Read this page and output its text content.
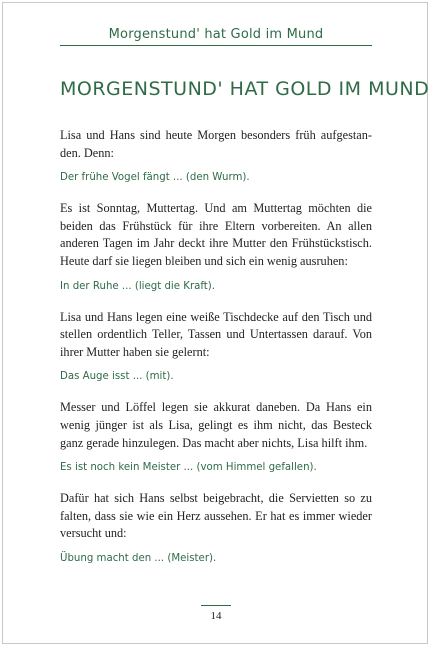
Morgenstund' hat Gold im Mund
MORGENSTUND' HAT GOLD IM MUND

Lisa und Hans sind heute Morgen besonders früh aufgestanden. Denn:

Der frühe Vogel fängt ... (den Wurm).

Es ist Sonntag, Muttertag. Und am Muttertag möchten die beiden das Frühstück für ihre Eltern vorbereiten. An allen anderen Tagen im Jahr deckt ihre Mutter den Frühstückstisch. Heute darf sie liegen bleiben und sich ein wenig ausruhen:

In der Ruhe ... (liegt die Kraft).

Lisa und Hans legen eine weiße Tischdecke auf den Tisch und stellen ordentlich Teller, Tassen und Untertassen darauf. Von ihrer Mutter haben sie gelernt:

Das Auge isst ... (mit).

Messer und Löffel legen sie akkurat daneben. Da Hans ein wenig jünger ist als Lisa, gelingt es ihm nicht, das Besteck ganz gerade hinzulegen. Das macht aber nichts, Lisa hilft ihm.

Es ist noch kein Meister ... (vom Himmel gefallen).

Dafür hat sich Hans selbst beigebracht, die Servietten so zu falten, dass sie wie ein Herz aussehen. Er hat es immer wieder versucht und:

Übung macht den ... (Meister).

14
